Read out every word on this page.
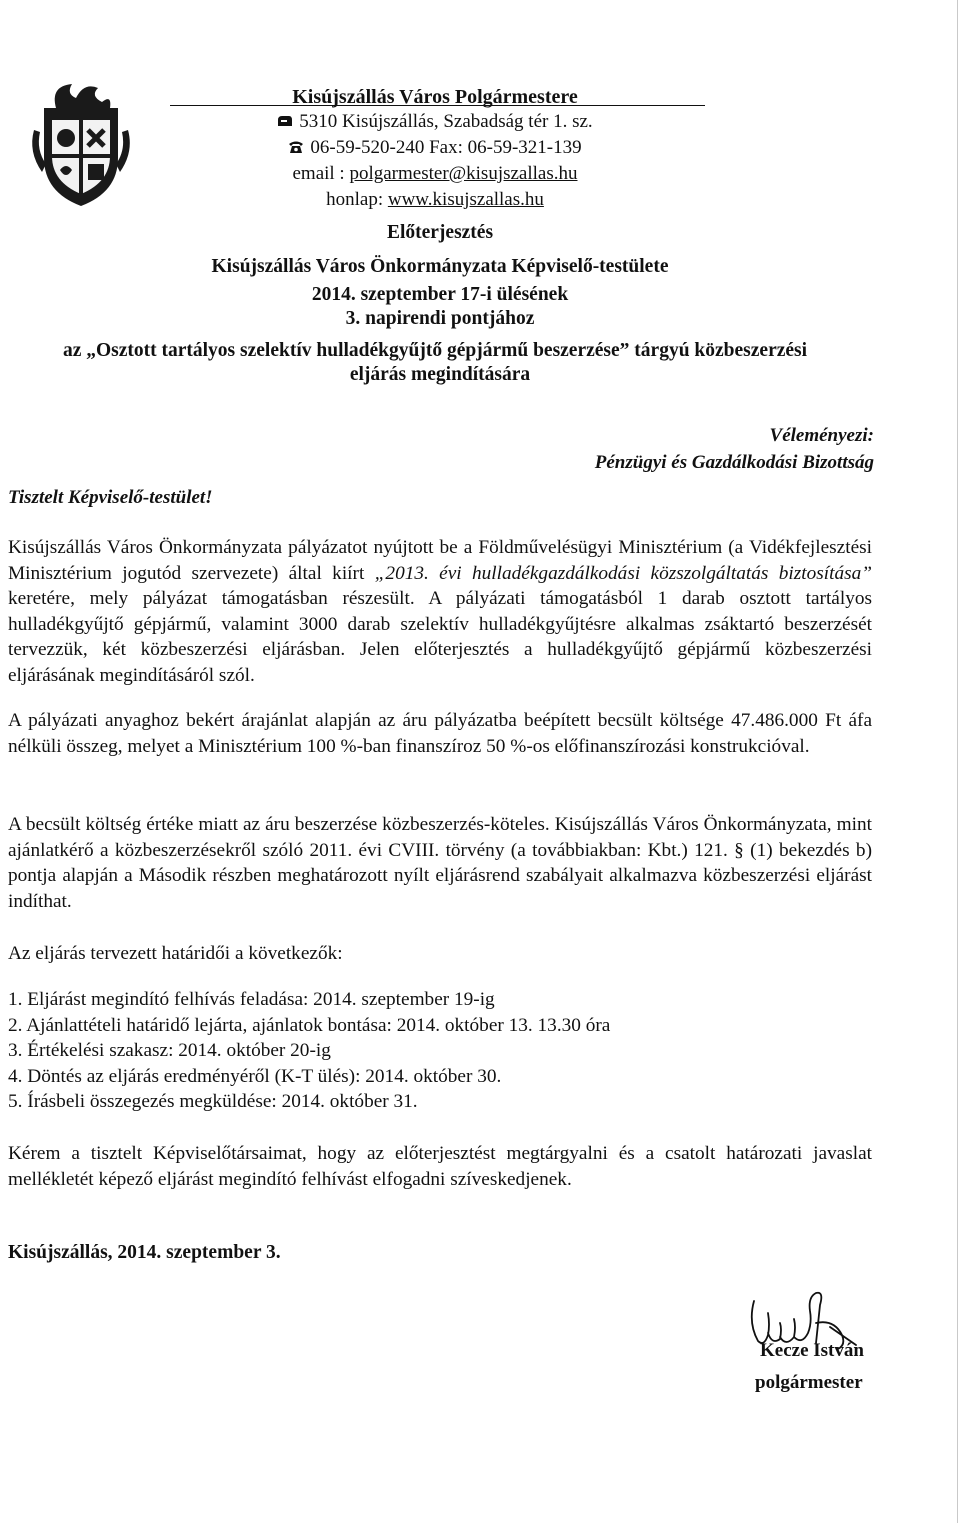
Kisújszállás Város Polgármestere
5310 Kisújszállás, Szabadság tér 1. sz.
06-59-520-240 Fax: 06-59-321-139
email : polgarmester@kisujszallas.hu
honlap: www.kisujszallas.hu
Előterjesztés
Kisújszállás Város Önkormányzata Képviselő-testülete
2014. szeptember 17-i ülésének
3. napirendi pontjához
az „Osztott tartályos szelektív hulladékgyűjtő gépjármű beszerzése” tárgyú közbeszerzési
eljárás megindítására
Véleményezi:
Pénzügyi és Gazdálkodási Bizottság
Tisztelt Képviselő-testület!
Kisújszállás Város Önkormányzata pályázatot nyújtott be a Földművelésügyi Minisztérium (a Vidékfejlesztési Minisztérium jogutód szervezete) által kiírt „2013. évi hulladékgazdálkodási közszolgáltatás biztosítása” keretére, mely pályázat támogatásban részesült. A pályázati támogatásból 1 darab osztott tartályos hulladékgyűjtő gépjármű, valamint 3000 darab szelektív hulladékgyűjtésre alkalmas zsáktartó beszerzését tervezzük, két közbeszerzési eljárásban. Jelen előterjesztés a hulladékgyűjtő gépjármű közbeszerzési eljárásának megindításáról szól.
A pályázati anyaghoz bekért árajánlat alapján az áru pályázatba beépített becsült költsége 47.486.000 Ft áfa nélküli összeg, melyet a Minisztérium 100 %-ban finanszíroz 50 %-os előfinanszírozási konstrukcióval.
A becsült költség értéke miatt az áru beszerzése közbeszerzés-köteles. Kisújszállás Város Önkormányzata, mint ajánlatkérő a közbeszerzésekről szóló 2011. évi CVIII. törvény (a továbbiakban: Kbt.) 121. § (1) bekezdés b) pontja alapján a Második részben meghatározott nyílt eljárásrend szabályait alkalmazva közbeszerzési eljárást indíthat.
Az eljárás tervezett határidői a következők:
1. Eljárást megindító felhívás feladása: 2014. szeptember 19-ig
2. Ajánlattételi határidő lejárta, ajánlatok bontása: 2014. október 13. 13.30 óra
3. Értékelési szakasz: 2014. október 20-ig
4. Döntés az eljárás eredményéről (K-T ülés): 2014. október 30.
5. Írásbeli összegezés megküldése: 2014. október 31.
Kérem a tisztelt Képviselőtársaimat, hogy az előterjesztést megtárgyalni és a csatolt határozati javaslat mellékletét képező eljárást megindító felhívást elfogadni szíveskedjenek.
Kisújszállás, 2014. szeptember 3.
Kecze István
polgármester
